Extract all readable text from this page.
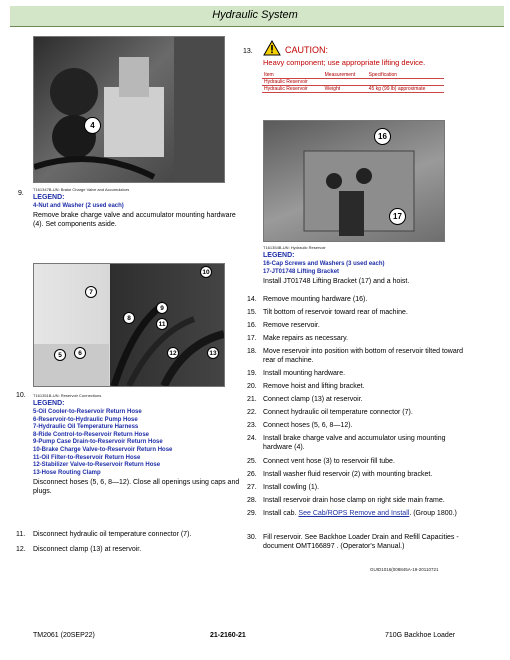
Hydraulic System
4
T161347B-UN: Brake Charge Valve and Accumulators
9.
LEGEND:
4-Nut and Washer (2 used each)
Remove brake charge valve and accumulator mounting hardware (4). Set components aside.
10
7
8
9
11
5	6	12	13
T161351B-UN: Reservoir Connections
10.
LEGEND:
5-Oil Cooler-to-Reservoir Return Hose
6-Reservoir-to-Hydraulic Pump Hose
7-Hydraulic Oil Temperature Harness
8-Ride Control-to-Reservoir Return Hose
9-Pump Case Drain-to-Reservoir Return Hose
10-Brake Charge Valve-to-Reservoir Return Hose
11-Oil Filter-to-Reservoir Return Hose
12-Stabilizer Valve-to-Reservoir Return Hose
13-Hose Routing Clamp
Disconnect hoses (5, 6, 8—12). Close all openings using caps and plugs.
11. Disconnect hydraulic oil temperature connector (7).
12. Disconnect clamp (13) at reservoir.
13.	CAUTION:
Heavy component; use appropriate lifting device.
Item	Measurement	Specification
Hydraulic Reservoir		
Hydraulic Reservoir	Weight	45 kg (99 lb) approximate
16
17
T161354B-UN: Hydraulic Reservoir
LEGEND:
16-Cap Screws and Washers (3 used each)
17-JT01748 Lifting Bracket
Install JT01748 Lifting Bracket (17) and a hoist.
14. Remove mounting hardware (16).
15. Tilt bottom of reservoir toward rear of machine.
16. Remove reservoir.
17. Make repairs as necessary.
18. Move reservoir into position with bottom of reservoir tilted toward rear of machine.
19. Install mounting hardware.
20. Remove hoist and lifting bracket.
21. Connect clamp (13) at reservoir.
22. Connect hydraulic oil temperature connector (7).
23. Connect hoses (5, 6, 8—12).
24. Install brake charge valve and accumulator using mounting hardware (4).
25. Connect vent hose (3) to reservoir fill tube.
26. Install washer fluid reservoir (2) with mounting bracket.
27. Install cowling (1).
28. Install reservoir drain hose clamp on right side main frame.
29. Install cab. See Cab/ROPS Remove and Install. (Group 1800.)
30. Fill reservoir. See Backhoe Loader Drain and Refill Capacities - document OMT166897 . (Operator's Manual.)
GUID1016(008845A-19-20110721
TM2061 (20SEP22)	21-2160-21	710G Backhoe Loader
